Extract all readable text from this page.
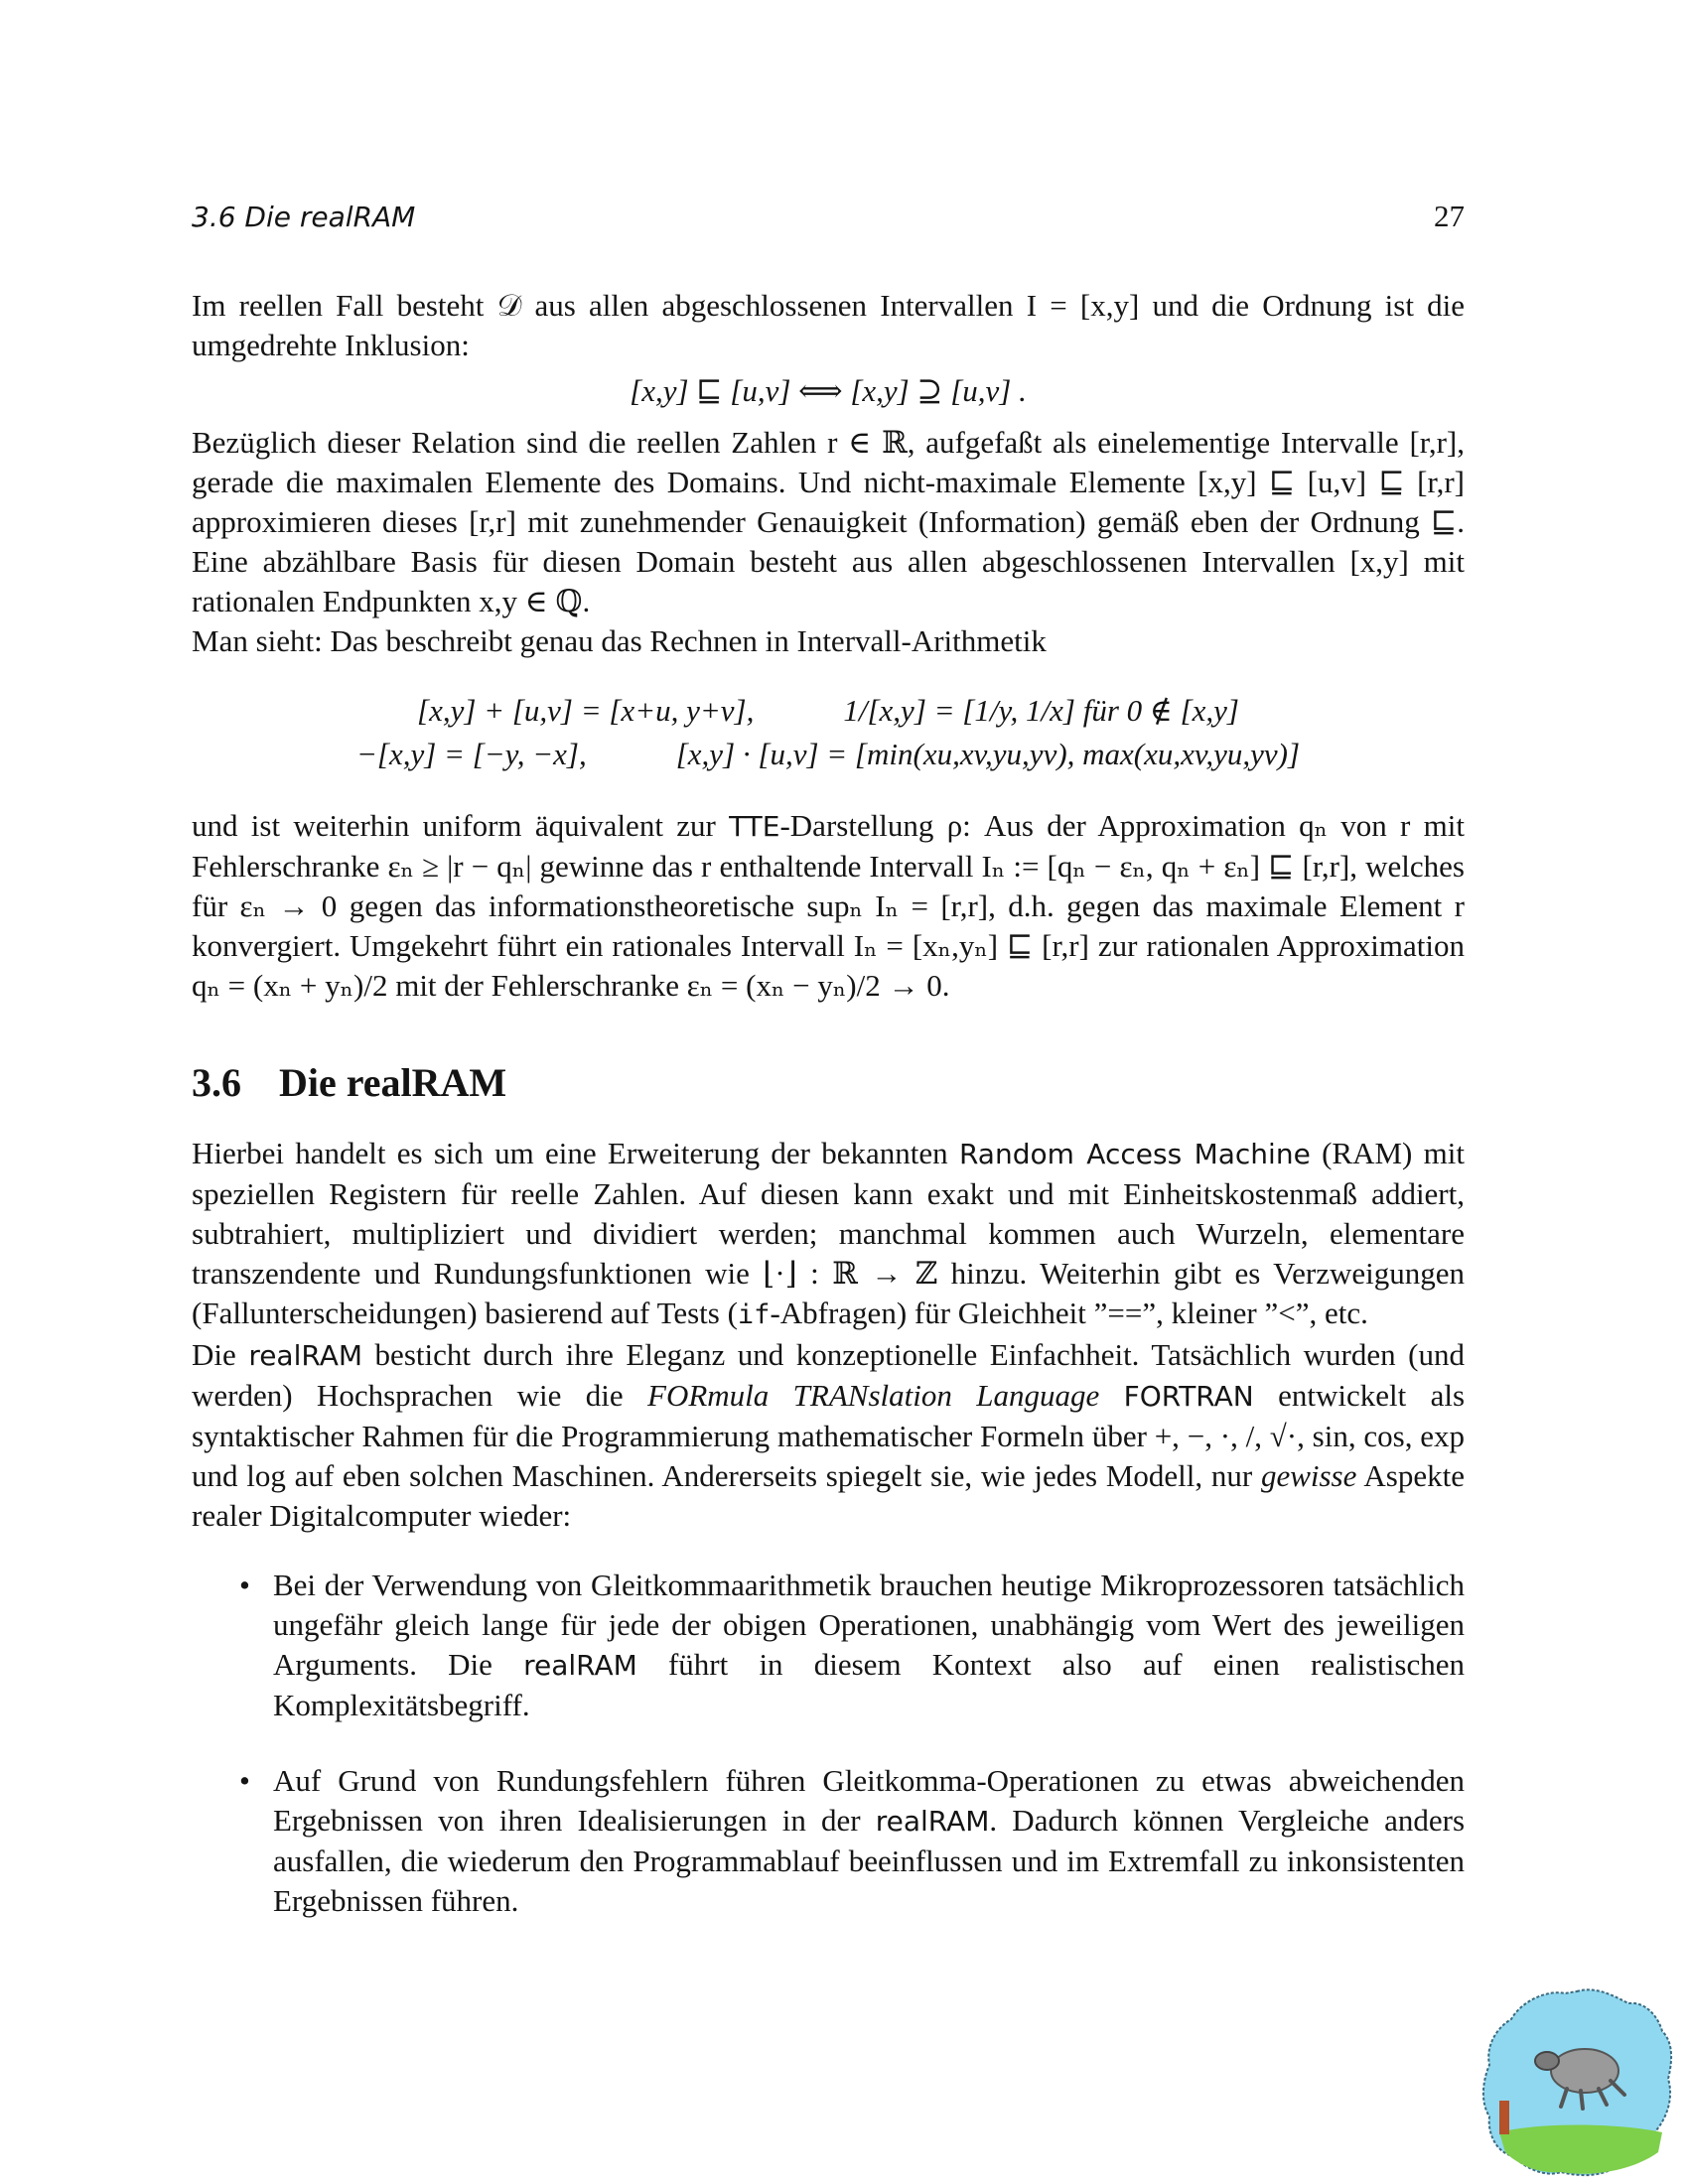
3.6 Die realRAM	27

Im reellen Fall besteht 𝒟 aus allen abgeschlossenen Intervallen I = [x,y] und die Ordnung ist die umgedrehte Inklusion:

[x,y] ⊑ [u,v] ⟺ [x,y] ⊇ [u,v] .

Bezüglich dieser Relation sind die reellen Zahlen r ∈ ℝ, aufgefaßt als einelementige Intervalle [r,r], gerade die maximalen Elemente des Domains. Und nicht-maximale Elemente [x,y] ⊑ [u,v] ⊑ [r,r] approximieren dieses [r,r] mit zunehmender Genauigkeit (Information) gemäß eben der Ordnung ⊑. Eine abzählbare Basis für diesen Domain besteht aus allen abgeschlossenen Intervallen [x,y] mit rationalen Endpunkten x,y ∈ ℚ.

Man sieht: Das beschreibt genau das Rechnen in Intervall-Arithmetik

[x,y] + [u,v] = [x+u, y+v],	1/[x,y] = [1/y, 1/x] für 0 ∉ [x,y]
−[x,y] = [−y, −x],	[x,y] · [u,v] = [min(xu,xv,yu,yv), max(xu,xv,yu,yv)]

und ist weiterhin uniform äquivalent zur TTE-Darstellung ρ: Aus der Approximation qₙ von r mit Fehlerschranke εₙ ≥ |r − qₙ| gewinne das r enthaltende Intervall Iₙ := [qₙ − εₙ, qₙ + εₙ] ⊑ [r,r], welches für εₙ → 0 gegen das informationstheoretische supₙ Iₙ = [r,r], d.h. gegen das maximale Element r konvergiert. Umgekehrt führt ein rationales Intervall Iₙ = [xₙ,yₙ] ⊑ [r,r] zur rationalen Approximation qₙ = (xₙ + yₙ)/2 mit der Fehlerschranke εₙ = (xₙ − yₙ)/2 → 0.

3.6 Die realRAM

Hierbei handelt es sich um eine Erweiterung der bekannten Random Access Machine (RAM) mit speziellen Registern für reelle Zahlen. Auf diesen kann exakt und mit Einheitskostenmaß addiert, subtrahiert, multipliziert und dividiert werden; manchmal kommen auch Wurzeln, elementare transzendente und Rundungsfunktionen wie ⌊·⌋ : ℝ → ℤ hinzu. Weiterhin gibt es Verzweigungen (Fallunterscheidungen) basierend auf Tests (if-Abfragen) für Gleichheit ”==”, kleiner ”<”, etc.

Die realRAM besticht durch ihre Eleganz und konzeptionelle Einfachheit. Tatsächlich wurden (und werden) Hochsprachen wie die FORmula TRANslation Language FORTRAN entwickelt als syntaktischer Rahmen für die Programmierung mathematischer Formeln über +, −, ·, /, √·, sin, cos, exp und log auf eben solchen Maschinen. Andererseits spiegelt sie, wie jedes Modell, nur gewisse Aspekte realer Digitalcomputer wieder:

• Bei der Verwendung von Gleitkommaarithmetik brauchen heutige Mikroprozessoren tatsächlich ungefähr gleich lange für jede der obigen Operationen, unabhängig vom Wert des jeweiligen Arguments. Die realRAM führt in diesem Kontext also auf einen realistischen Komplexitätsbegriff.
• Auf Grund von Rundungsfehlern führen Gleitkomma-Operationen zu etwas abweichenden Ergebnissen von ihren Idealisierungen in der realRAM. Dadurch können Vergleiche anders ausfallen, die wiederum den Programmablauf beeinflussen und im Extremfall zu inkonsistenten Ergebnissen führen.
